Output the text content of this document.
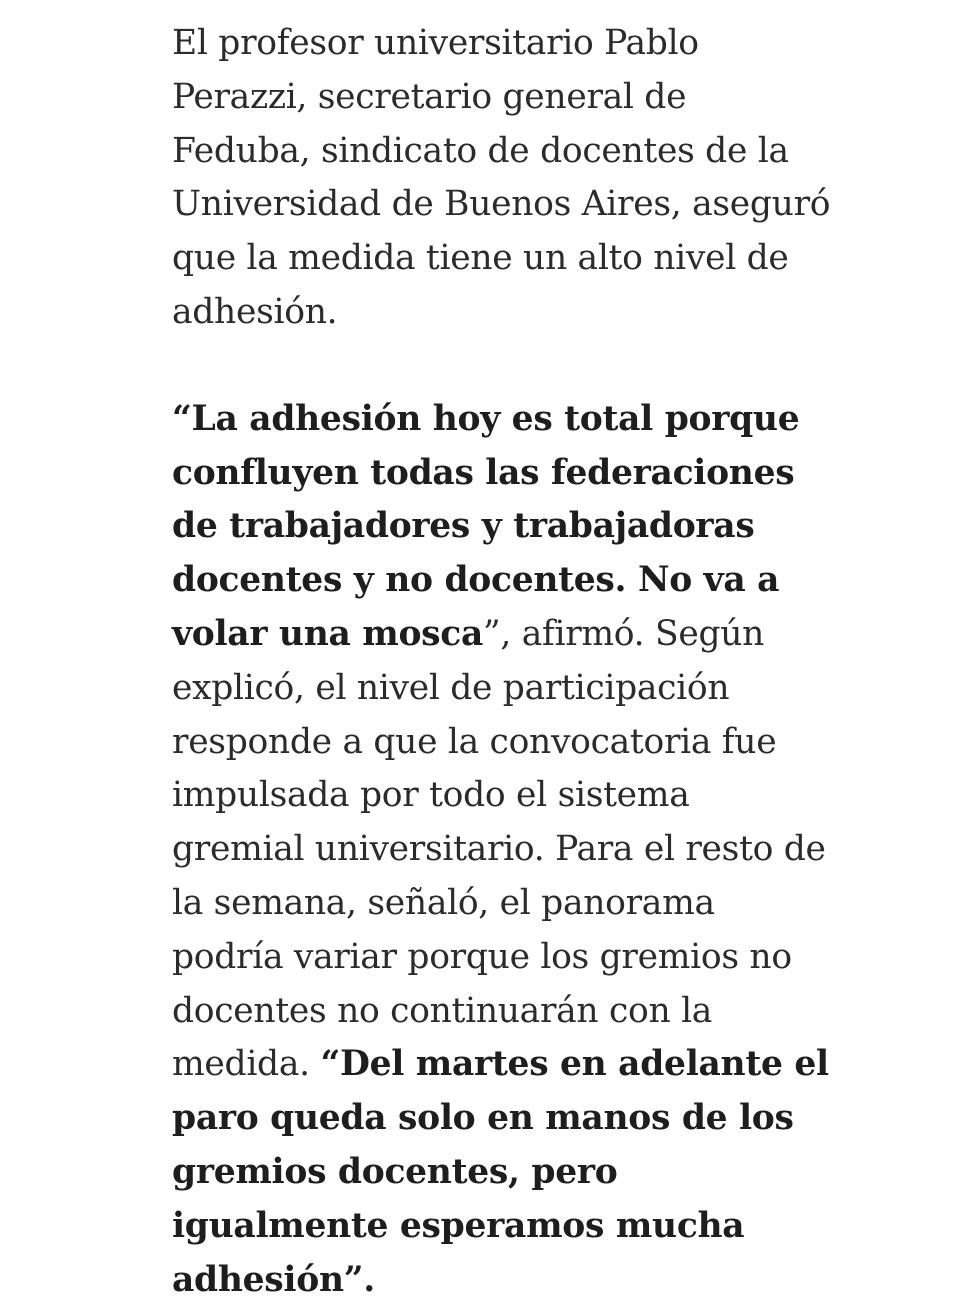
El profesor universitario Pablo Perazzi, secretario general de Feduba, sindicato de docentes de la Universidad de Buenos Aires, aseguró que la medida tiene un alto nivel de adhesión.

“La adhesión hoy es total porque confluyen todas las federaciones de trabajadores y trabajadoras docentes y no docentes. No va a volar una mosca”, afirmó. Según explicó, el nivel de participación responde a que la convocatoria fue impulsada por todo el sistema gremial universitario. Para el resto de la semana, señaló, el panorama podría variar porque los gremios no docentes no continuarán con la medida. “Del martes en adelante el paro queda solo en manos de los gremios docentes, pero igualmente esperamos mucha adhesión”.
